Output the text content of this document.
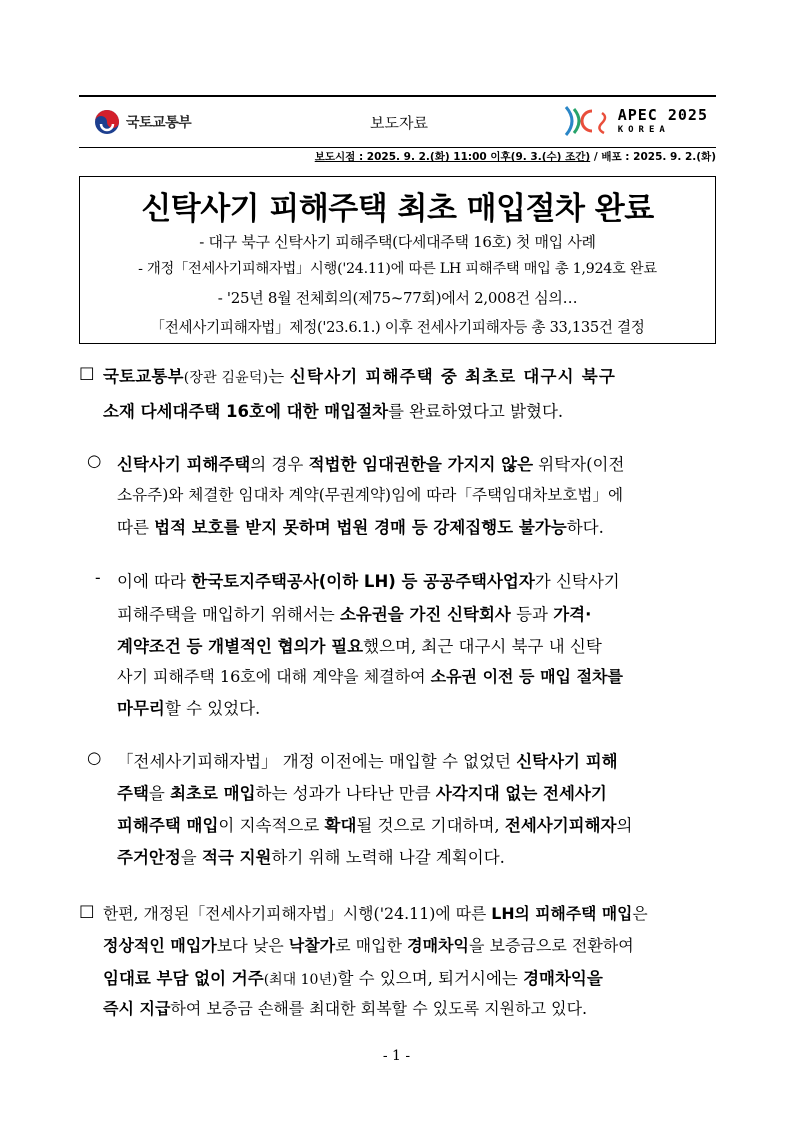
국토교통부	보도자료	APEC 2025
KOREA
보도시점 : 2025. 9. 2.(화) 11:00 이후(9. 3.(수) 조간) / 배포 : 2025. 9. 2.(화)
신탁사기 피해주택 최초 매입절차 완료
- 대구 북구 신탁사기 피해주택(다세대주택 16호) 첫 매입 사례
- 개정「전세사기피해자법」시행('24.11)에 따른 LH 피해주택 매입 총 1,924호 완료
- '25년 8월 전체회의(제75~77회)에서 2,008건 심의…
「전세사기피해자법」제정('23.6.1.) 이후 전세사기피해자등 총 33,135건 결정
□ 국토교통부(장관 김윤덕)는 신탁사기 피해주택 중 최초로 대구시 북구
소재 다세대주택 16호에 대한 매입절차를 완료하였다고 밝혔다.
○ 신탁사기 피해주택의 경우 적법한 임대권한을 가지지 않은 위탁자(이전
소유주)와 체결한 임대차 계약(무권계약)임에 따라「주택임대차보호법」에
따른 법적 보호를 받지 못하며 법원 경매 등 강제집행도 불가능하다.
- 이에 따라 한국토지주택공사(이하 LH) 등 공공주택사업자가 신탁사기
피해주택을 매입하기 위해서는 소유권을 가진 신탁회사 등과 가격·
계약조건 등 개별적인 협의가 필요했으며, 최근 대구시 북구 내 신탁
사기 피해주택 16호에 대해 계약을 체결하여 소유권 이전 등 매입 절차를
마무리할 수 있었다.
○ 「전세사기피해자법」 개정 이전에는 매입할 수 없었던 신탁사기 피해
주택을 최초로 매입하는 성과가 나타난 만큼 사각지대 없는 전세사기
피해주택 매입이 지속적으로 확대될 것으로 기대하며, 전세사기피해자의
주거안정을 적극 지원하기 위해 노력해 나갈 계획이다.
□ 한편, 개정된「전세사기피해자법」시행('24.11)에 따른 LH의 피해주택 매입은
정상적인 매입가보다 낮은 낙찰가로 매입한 경매차익을 보증금으로 전환하여
임대료 부담 없이 거주(최대 10년)할 수 있으며, 퇴거시에는 경매차익을
즉시 지급하여 보증금 손해를 최대한 회복할 수 있도록 지원하고 있다.
- 1 -
